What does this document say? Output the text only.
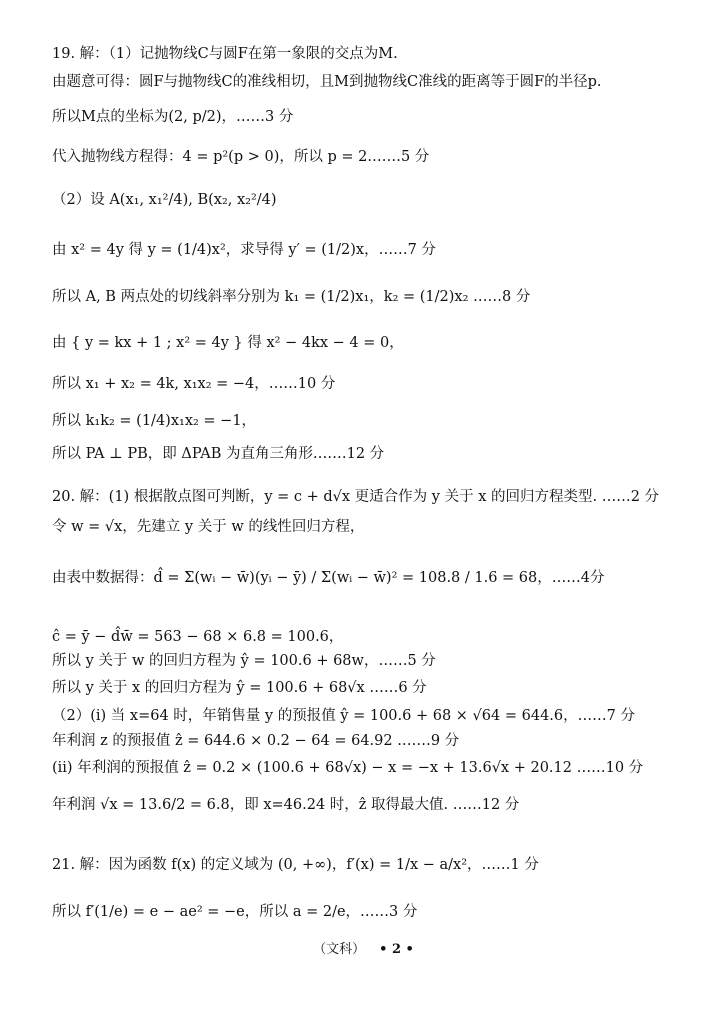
19. 解：（1）记抛物线C与圆F在第一象限的交点为M.
由题意可得：圆F与抛物线C的准线相切，且M到抛物线C准线的距离等于圆F的半径p.
所以M点的坐标为(2, p/2)，……3 分
代入抛物线方程得：4 = p²(p > 0)，所以 p = 2.……5 分
（2）设 A(x₁, x₁²/4), B(x₂, x₂²/4)
由 x² = 4y 得 y = (1/4)x²，求导得 y′ = (1/2)x，……7 分
所以 A, B 两点处的切线斜率分别为 k₁ = (1/2)x₁，k₂ = (1/2)x₂ ……8 分
由 { y = kx + 1 ; x² = 4y } 得 x² − 4kx − 4 = 0，
所以 x₁ + x₂ = 4k, x₁x₂ = −4，……10 分
所以 k₁k₂ = (1/4)x₁x₂ = −1，
所以 PA ⊥ PB，即 ΔPAB 为直角三角形.……12 分
20. 解：(1) 根据散点图可判断，y = c + d√x 更适合作为 y 关于 x 的回归方程类型. ……2 分
令 w = √x，先建立 y 关于 w 的线性回归方程，
由表中数据得：d̂ = Σ(wᵢ − w̄)(yᵢ − ȳ) / Σ(wᵢ − w̄)² = 108.8 / 1.6 = 68，……4分
ĉ = ȳ − d̂w̄ = 563 − 68 × 6.8 = 100.6，
所以 y 关于 w 的回归方程为 ŷ = 100.6 + 68w，……5 分
所以 y 关于 x 的回归方程为 ŷ = 100.6 + 68√x ……6 分
（2）(i) 当 x=64 时，年销售量 y 的预报值 ŷ = 100.6 + 68 × √64 = 644.6，……7 分
年利润 z 的预报值 ẑ = 644.6 × 0.2 − 64 = 64.92 .……9 分
(ii) 年利润的预报值 ẑ = 0.2 × (100.6 + 68√x) − x = −x + 13.6√x + 20.12 ……10 分
年利润 √x = 13.6/2 = 6.8，即 x=46.24 时，ẑ 取得最大值. ……12 分
21. 解：因为函数 f(x) 的定义域为 (0, +∞)，f′(x) = 1/x − a/x²，……1 分
所以 f′(1/e) = e − ae² = −e，所以 a = 2/e，……3 分
（文科） • 2 •
